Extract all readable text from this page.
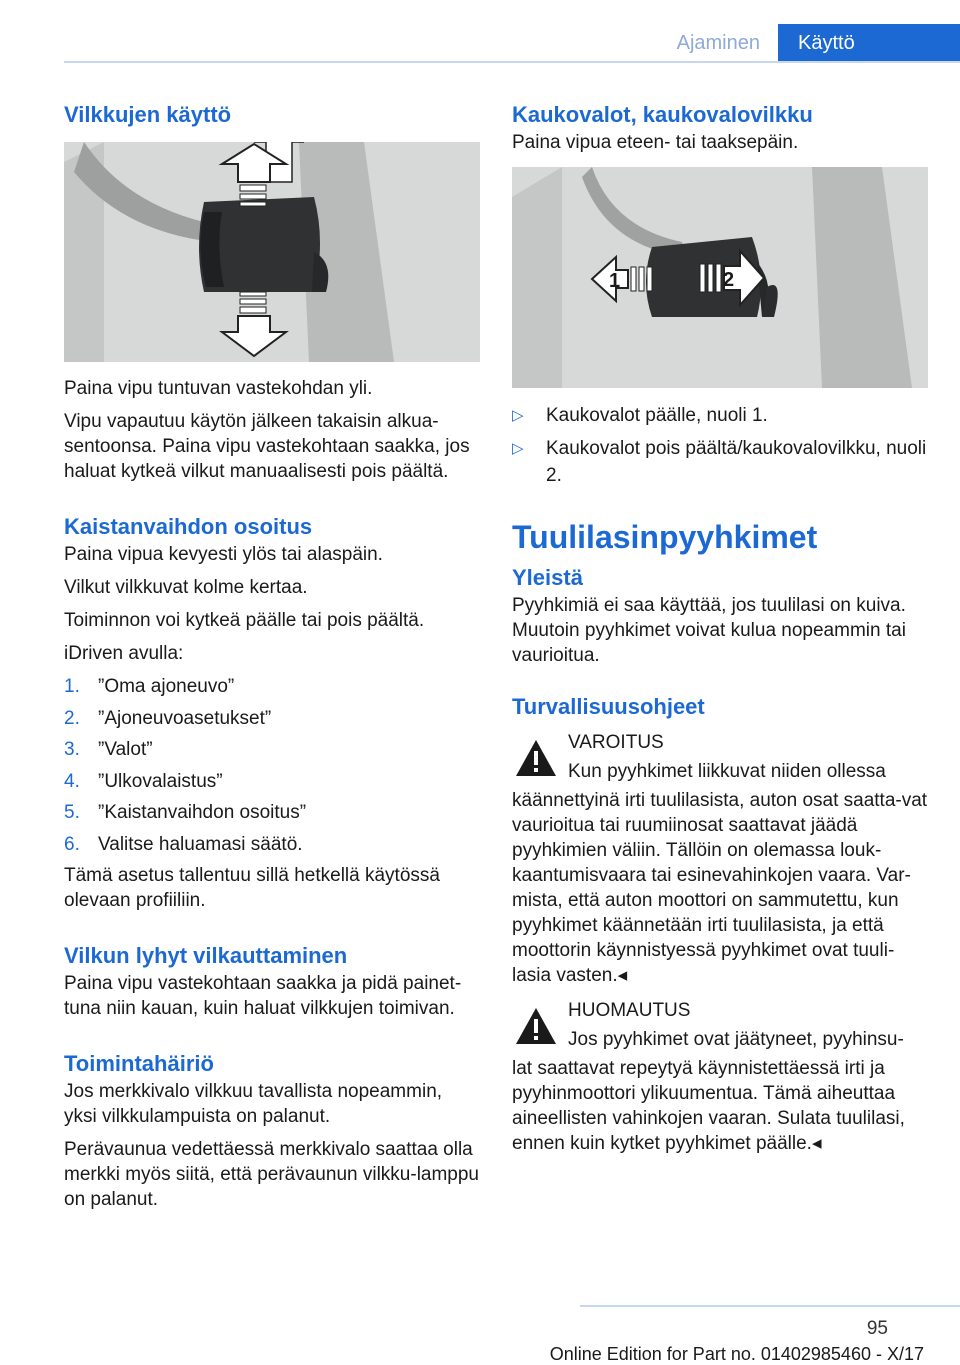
Ajaminen	Käyttö
Vilkkujen käyttö

Paina vipu tuntuvan vastekohdan yli.

Vipu vapautuu käytön jälkeen takaisin alkua-sentoonsa. Paina vipu vastekohtaan saakka, jos haluat kytkeä vilkut manuaalisesti pois päältä.

Kaistanvaihdon osoitus

Paina vipua kevyesti ylös tai alaspäin.

Vilkut vilkkuvat kolme kertaa.

Toiminnon voi kytkeä päälle tai pois päältä.

iDriven avulla:

1. ”Oma ajoneuvo”
2. ”Ajoneuvoasetukset”
3. ”Valot”
4. ”Ulkovalaistus”
5. ”Kaistanvaihdon osoitus”
6. Valitse haluamasi säätö.

Tämä asetus tallentuu sillä hetkellä käytössä olevaan profiiliin.

Vilkun lyhyt vilkauttaminen

Paina vipu vastekohtaan saakka ja pidä painet-tuna niin kauan, kuin haluat vilkkujen toimivan.

Toimintahäiriö

Jos merkkivalo vilkkuu tavallista nopeammin, yksi vilkkulampuista on palanut.

Perävaunua vedettäessä merkkivalo saattaa olla merkki myös siitä, että perävaunun vilkku-lamppu on palanut.

Kaukovalot, kaukovalovilkku

Paina vipua eteen- tai taaksepäin.

1	2
▷	Kaukovalot päälle, nuoli 1.
▷	Kaukovalot pois päältä/kaukovalovilkku, nuoli 2.
Tuulilasinpyyhkimet
Yleistä

Pyyhkimiä ei saa käyttää, jos tuulilasi on kuiva. Muutoin pyyhkimet voivat kulua nopeammin tai vaurioitua.

Turvallisuusohjeet

VAROITUS

Kun pyyhkimet liikkuvat niiden ollessa

käännettyinä irti tuulilasista, auton osat saatta-vat vaurioitua tai ruumiinosat saattavat jäädä pyyhkimien väliin. Tällöin on olemassa louk-kaantumisvaara tai esinevahinkojen vaara. Var-mista, että auton moottori on sammutettu, kun pyyhkimet käännetään irti tuulilasista, ja että moottorin käynnistyessä pyyhkimet ovat tuuli-lasia vasten.◂

HUOMAUTUS

Jos pyyhkimet ovat jäätyneet, pyyhinsu-

lat saattavat repeytyä käynnistettäessä irti ja pyyhinmoottori ylikuumentua. Tämä aiheuttaa aineellisten vahinkojen vaaran. Sulata tuulilasi, ennen kuin kytket pyyhkimet päälle.◂

95
Online Edition for Part no. 01402985460 - X/17
